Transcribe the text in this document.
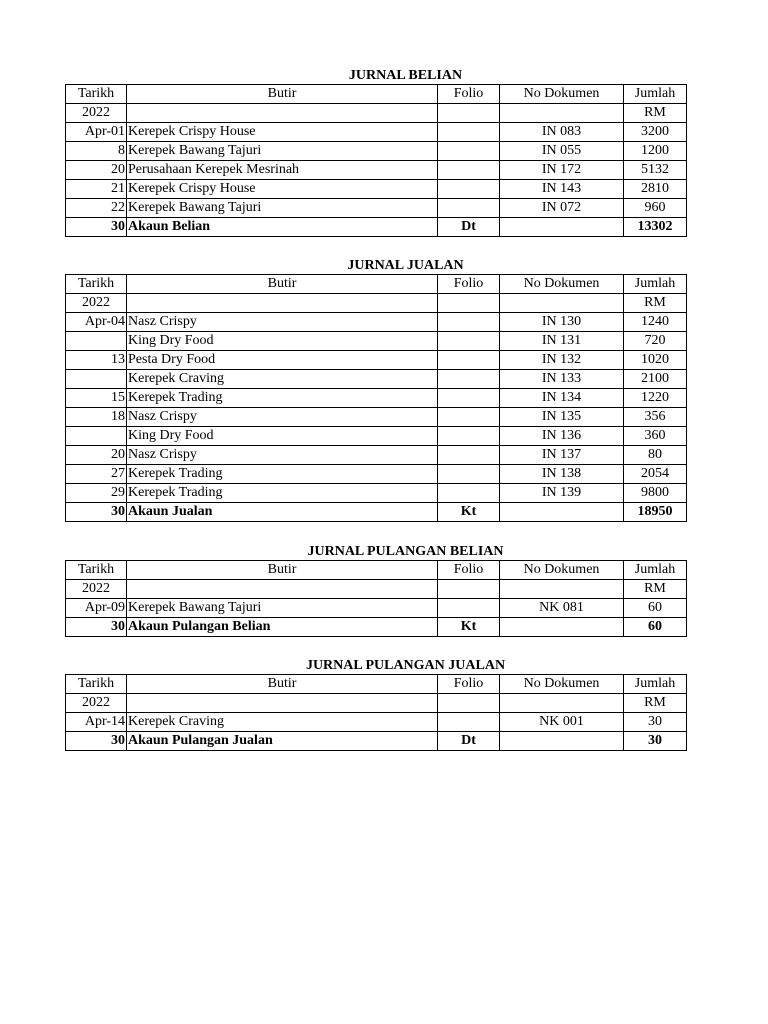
JURNAL BELIAN
Tarikh	Butir	Folio	No Dokumen	Jumlah
2022				RM
Apr-01	Kerepek Crispy House		IN 083	3200
8	Kerepek Bawang Tajuri		IN 055	1200
20	Perusahaan Kerepek Mesrinah		IN 172	5132
21	Kerepek Crispy House		IN 143	2810
22	Kerepek Bawang Tajuri		IN 072	960
30	Akaun Belian	Dt		13302
JURNAL JUALAN
Tarikh	Butir	Folio	No Dokumen	Jumlah
2022				RM
Apr-04	Nasz Crispy		IN 130	1240
	King Dry Food		IN 131	720
13	Pesta Dry Food		IN 132	1020
	Kerepek Craving		IN 133	2100
15	Kerepek Trading		IN 134	1220
18	Nasz Crispy		IN 135	356
	King Dry Food		IN 136	360
20	Nasz Crispy		IN 137	80
27	Kerepek Trading		IN 138	2054
29	Kerepek Trading		IN 139	9800
30	Akaun Jualan	Kt		18950
JURNAL PULANGAN BELIAN
Tarikh	Butir	Folio	No Dokumen	Jumlah
2022				RM
Apr-09	Kerepek Bawang Tajuri		NK 081	60
30	Akaun Pulangan Belian	Kt		60
JURNAL PULANGAN JUALAN
Tarikh	Butir	Folio	No Dokumen	Jumlah
2022				RM
Apr-14	Kerepek Craving		NK 001	30
30	Akaun Pulangan Jualan	Dt		30
